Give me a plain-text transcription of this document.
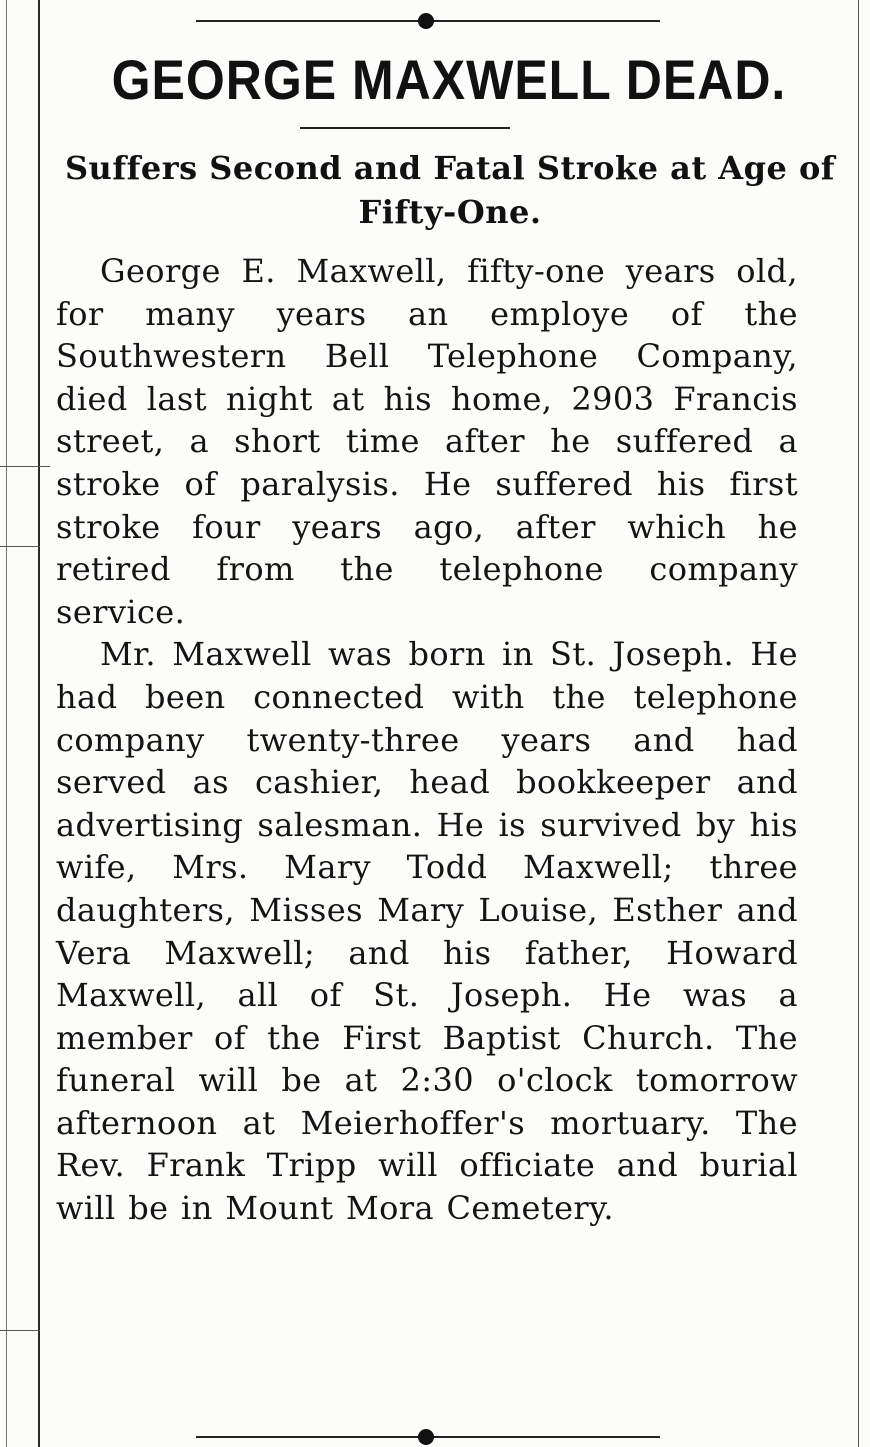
GEORGE MAXWELL DEAD.
Suffers Second and Fatal Stroke at Age of Fifty-One.

George E. Maxwell, fifty-one years old, for many years an employe of the Southwestern Bell Telephone Company, died last night at his home, 2903 Francis street, a short time after he suffered a stroke of paralysis. He suffered his first stroke four years ago, after which he retired from the telephone company service.

Mr. Maxwell was born in St. Joseph. He had been connected with the telephone company twenty-three years and had served as cashier, head bookkeeper and advertising salesman. He is survived by his wife, Mrs. Mary Todd Maxwell; three daughters, Misses Mary Louise, Esther and Vera Maxwell; and his father, Howard Maxwell, all of St. Joseph. He was a member of the First Baptist Church. The funeral will be at 2:30 o'clock tomorrow afternoon at Meierhoffer's mortuary. The Rev. Frank Tripp will officiate and burial will be in Mount Mora Cemetery.
